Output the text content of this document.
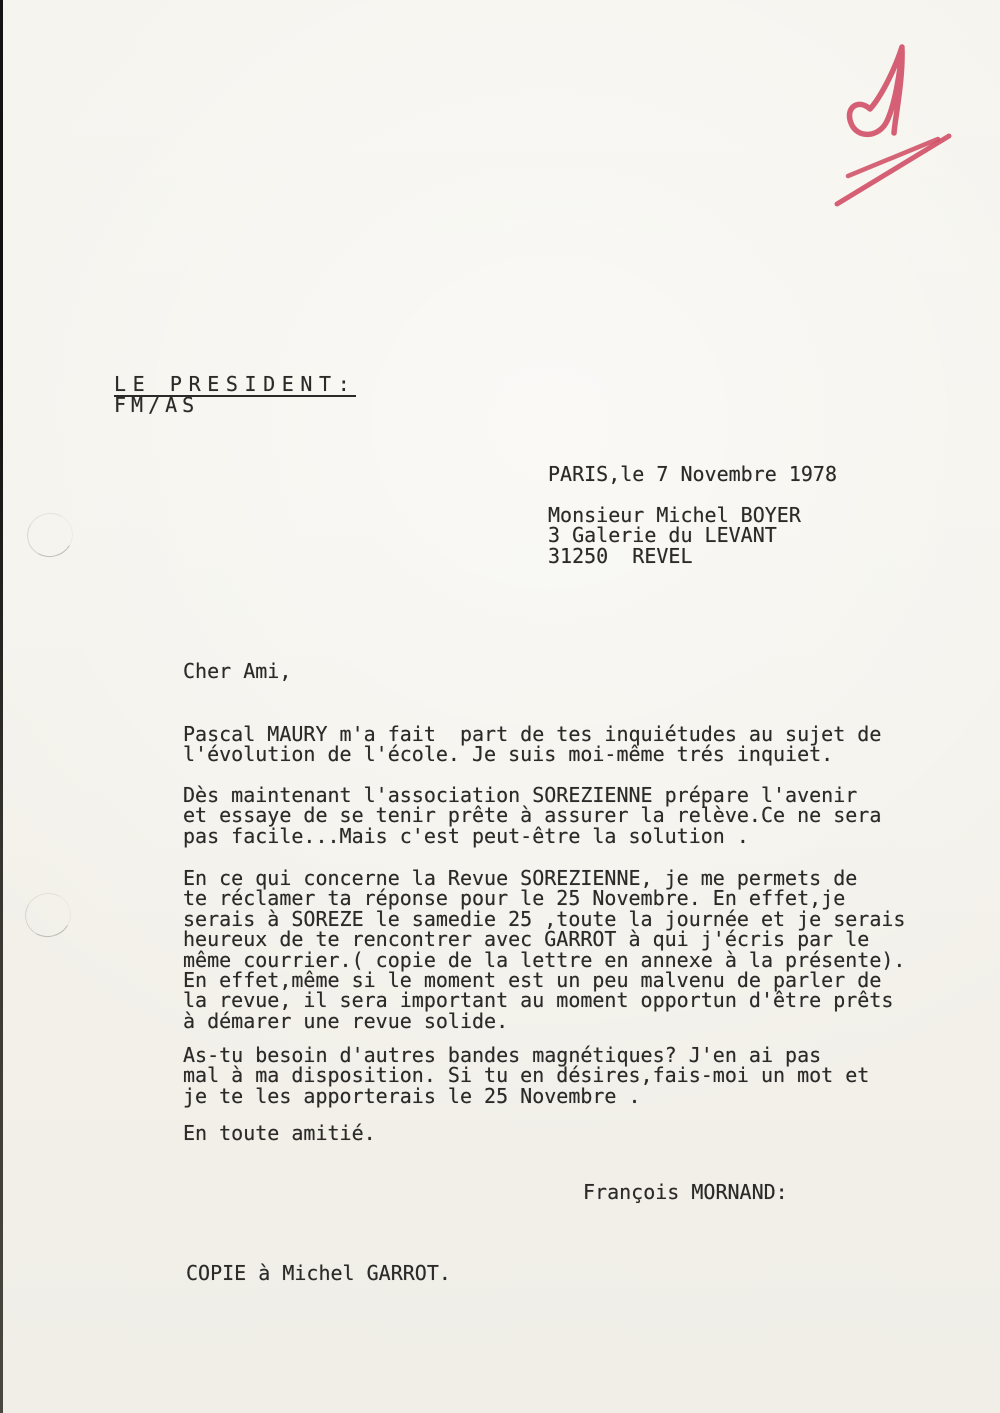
LE PRESIDENT:
FM/AS
PARIS,le 7 Novembre 1978
Monsieur Michel BOYER
3 Galerie du LEVANT
31250  REVEL
Cher Ami,
Pascal MAURY m'a fait  part de tes inquiétudes au sujet de
l'évolution de l'école. Je suis moi-même trés inquiet.
Dès maintenant l'association SOREZIENNE prépare l'avenir
et essaye de se tenir prête à assurer la relève.Ce ne sera
pas facile...Mais c'est peut-être la solution .
En ce qui concerne la Revue SOREZIENNE, je me permets de
te réclamer ta réponse pour le 25 Novembre. En effet,je
serais à SOREZE le samedie 25 ,toute la journée et je serais
heureux de te rencontrer avec GARROT à qui j'écris par le
même courrier.( copie de la lettre en annexe à la présente).
En effet,même si le moment est un peu malvenu de parler de
la revue, il sera important au moment opportun d'être prêts
à démarer une revue solide.
As-tu besoin d'autres bandes magnétiques? J'en ai pas
mal à ma disposition. Si tu en désires,fais-moi un mot et
je te les apporterais le 25 Novembre .
En toute amitié.
François MORNAND:
COPIE à Michel GARROT.
